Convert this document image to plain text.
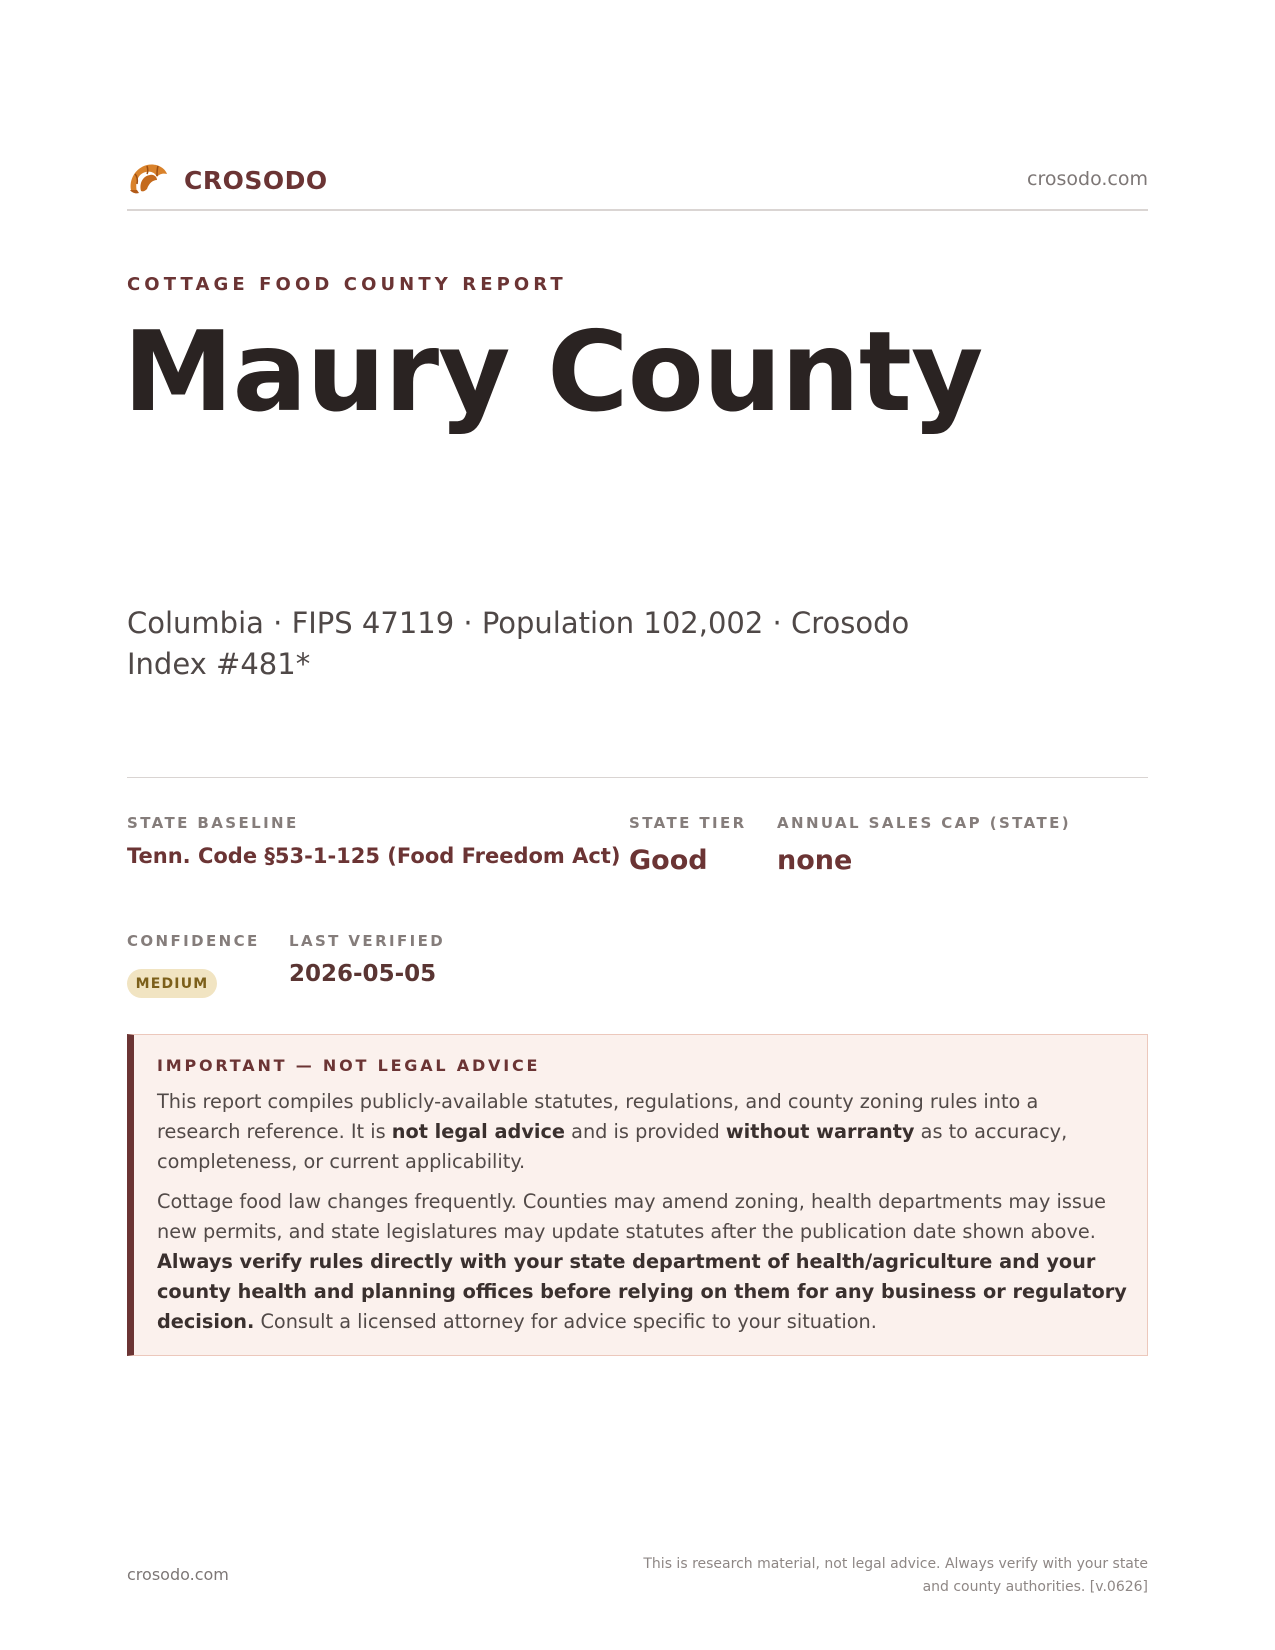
CROSODO	crosodo.com
COTTAGE FOOD COUNTY REPORT
Maury County
Columbia · FIPS 47119 · Population 102,002 · Crosodo Index #481*
STATE BASELINE
Tenn. Code §53-1-125 (Food Freedom Act)
STATE TIER
Good
ANNUAL SALES CAP (STATE)
none
CONFIDENCE
MEDIUM
LAST VERIFIED
2026-05-05
IMPORTANT — NOT LEGAL ADVICE

This report compiles publicly-available statutes, regulations, and county zoning rules into a research reference. It is not legal advice and is provided without warranty as to accuracy, completeness, or current applicability.

Cottage food law changes frequently. Counties may amend zoning, health departments may issue new permits, and state legislatures may update statutes after the publication date shown above. Always verify rules directly with your state department of health/agriculture and your county health and planning offices before relying on them for any business or regulatory decision. Consult a licensed attorney for advice specific to your situation.

crosodo.com
This is research material, not legal advice. Always verify with your state and county authorities. [v.0626]
